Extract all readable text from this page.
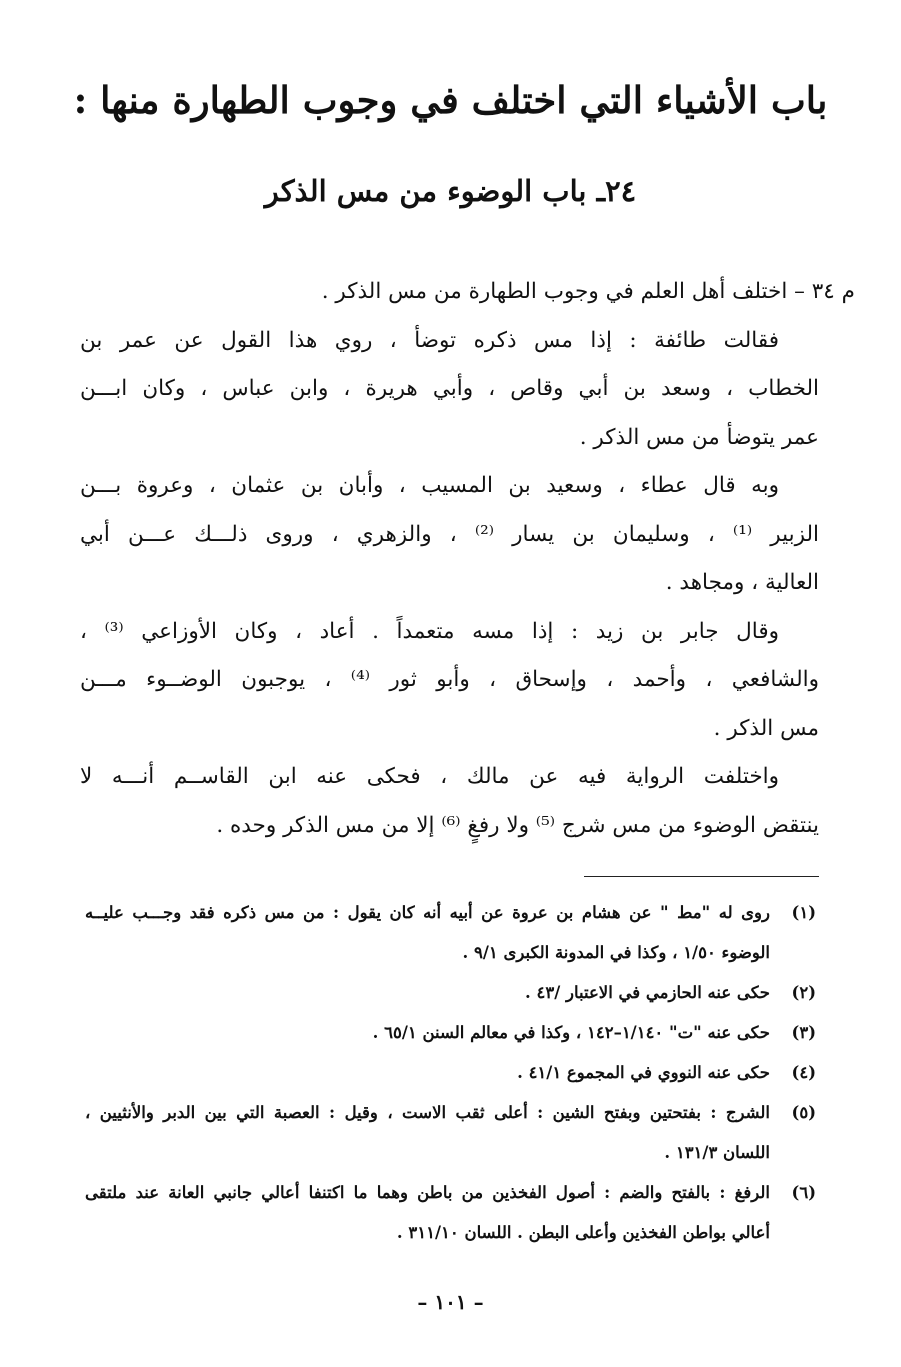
باب الأشياء التي اختلف في وجوب الطهارة منها :
٢٤ـ باب الوضوء من مس الذكر
م ٣٤ – اختلف أهل العلم في وجوب الطهارة من مس الذكر .
فقالت طائفة : إذا مس ذكره توضأ ، روي هذا القول عن عمر بن
الخطاب ، وسعد بن أبي وقاص ، وأبي هريرة ، وابن عباس ، وكان ابـــن
عمر يتوضأ من مس الذكر .
وبه قال عطاء ، وسعيد بن المسيب ، وأبان بن عثمان ، وعروة بـــن
الزبير ⁽¹⁾ ، وسليمان بن يسار ⁽²⁾ ، والزهري ، وروى ذلـــك عـــن أبي
العالية ، ومجاهد .
وقال جابر بن زيد : إذا مسه متعمداً . أعاد ، وكان الأوزاعي ⁽³⁾ ،
والشافعي ، وأحمد ، وإسحاق ، وأبو ثور ⁽⁴⁾ ، يوجبون الوضــوء مـــن
مس الذكر .
واختلفت الرواية فيه عن مالك ، فحكى عنه ابن القاســم أنـــه لا
ينتقض الوضوء من مس شرج ⁽⁵⁾ ولا رفغٍ ⁽⁶⁾ إلا من مس الذكر وحده .
(١)
روى له "مط " عن هشام بن عروة عن أبيه أنه كان يقول : من مس ذكره فقد وجـــب عليــه
الوضوء ١/٥٠ ، وكذا في المدونة الكبرى ٩/١ .
(٢)
حكى عنه الحازمي في الاعتبار /٤٣ .
(٣)
حكى عنه "ت" ١/١٤٠–١٤٢ ، وكذا في معالم السنن ٦٥/١ .
(٤)
حكى عنه النووي في المجموع ٤١/١ .
(٥)
الشرج : بفتحتين وبفتح الشين : أعلى ثقب الاست ، وقيل : العصبة التي بين الدبر والأنثيين ،
اللسان ١٣١/٣ .
(٦)
الرفغ : بالفتح والضم : أصول الفخذين من باطن وهما ما اكتنفا أعالي جانبي العانة عند ملتقى
أعالي بواطن الفخذين وأعلى البطن . اللسان ٣١١/١٠ .
– ١٠١ –
